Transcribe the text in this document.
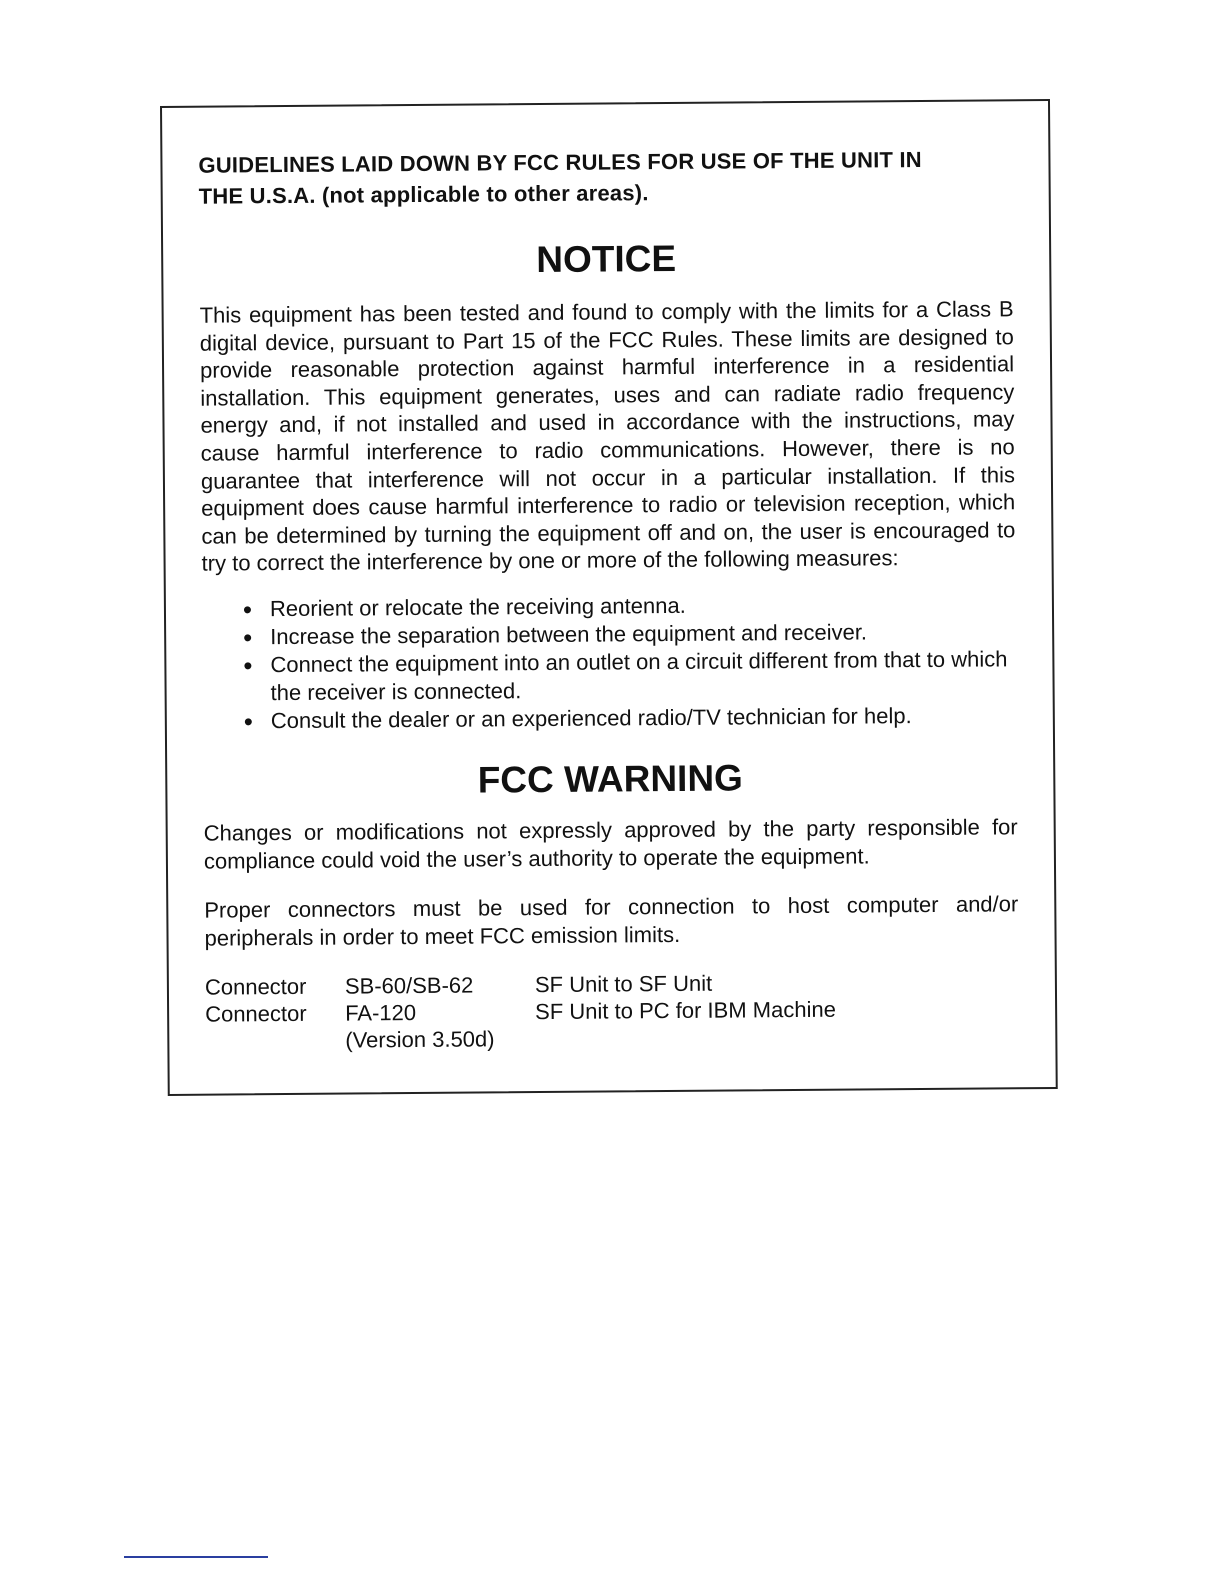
GUIDELINES LAID DOWN BY FCC RULES FOR USE OF THE UNIT IN
THE U.S.A. (not applicable to other areas).

NOTICE

This equipment has been tested and found to comply with the limits for a Class B digital device, pursuant to Part 15 of the FCC Rules. These limits are designed to provide reasonable protection against harmful interference in a residential installation. This equipment generates, uses and can radiate radio frequency energy and, if not installed and used in accordance with the instructions, may cause harmful interference to radio communications. However, there is no guarantee that interference will not occur in a particular installation. If this equipment does cause harmful interference to radio or television reception, which can be determined by turning the equipment off and on, the user is encouraged to try to correct the interference by one or more of the following measures:

Reorient or relocate the receiving antenna.
Increase the separation between the equipment and receiver.
Connect the equipment into an outlet on a circuit different from that to which the receiver is connected.
Consult the dealer or an experienced radio/TV technician for help.
FCC WARNING

Changes or modifications not expressly approved by the party responsible for compliance could void the user’s authority to operate the equipment.

Proper connectors must be used for connection to host computer and/or peripherals in order to meet FCC emission limits.

Connector	SB-60/SB-62	SF Unit to SF Unit
Connector	FA-120	SF Unit to PC for IBM Machine
	(Version 3.50d)	
